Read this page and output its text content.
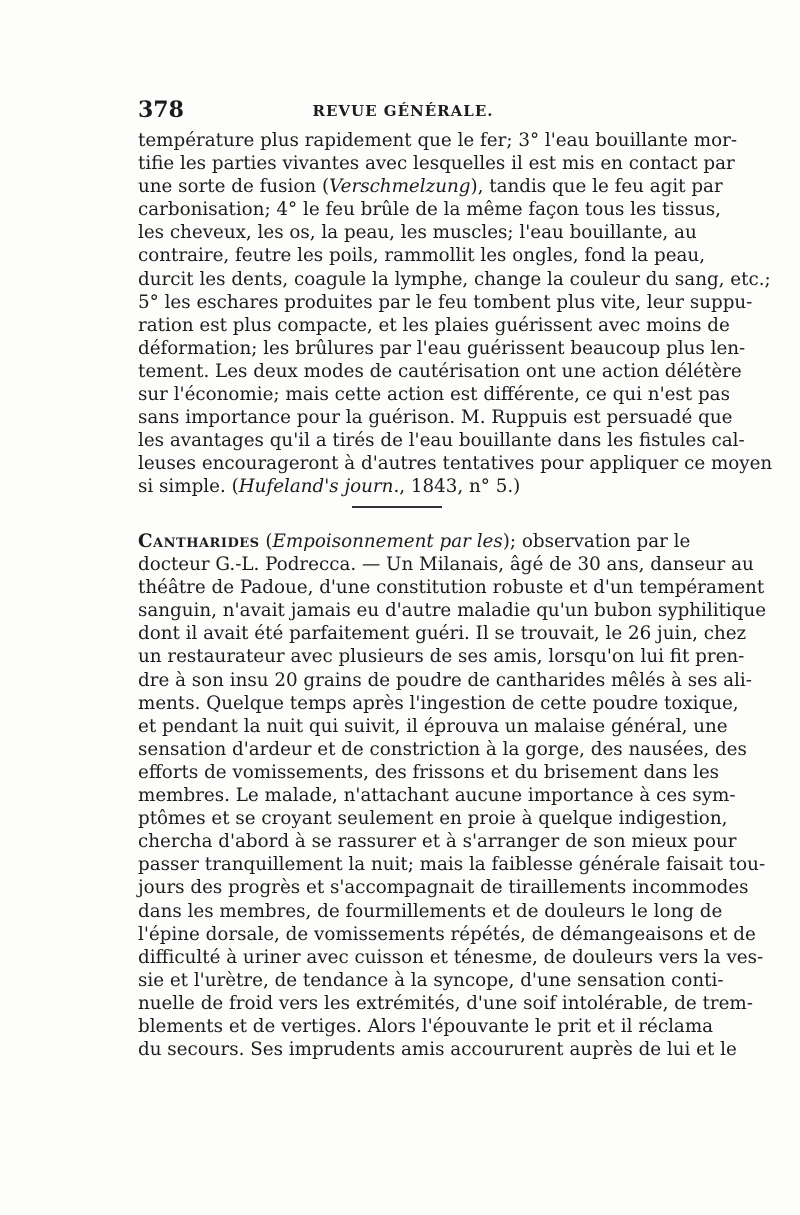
378	REVUE GÉNÉRALE.
température plus rapidement que le fer; 3° l'eau bouillante mor-
tifie les parties vivantes avec lesquelles il est mis en contact par
une sorte de fusion (Verschmelzung), tandis que le feu agit par
carbonisation; 4° le feu brûle de la même façon tous les tissus,
les cheveux, les os, la peau, les muscles; l'eau bouillante, au
contraire, feutre les poils, rammollit les ongles, fond la peau,
durcit les dents, coagule la lymphe, change la couleur du sang, etc.;
5° les eschares produites par le feu tombent plus vite, leur suppu-
ration est plus compacte, et les plaies guérissent avec moins de
déformation; les brûlures par l'eau guérissent beaucoup plus len-
tement. Les deux modes de cautérisation ont une action délétère
sur l'économie; mais cette action est différente, ce qui n'est pas
sans importance pour la guérison. M. Ruppuis est persuadé que
les avantages qu'il a tirés de l'eau bouillante dans les fistules cal-
leuses encourageront à d'autres tentatives pour appliquer ce moyen
si simple. (Hufeland's journ., 1843, n° 5.)
Cantharides (Empoisonnement par les); observation par le
docteur G.-L. Podrecca. — Un Milanais, âgé de 30 ans, danseur au
théâtre de Padoue, d'une constitution robuste et d'un tempérament
sanguin, n'avait jamais eu d'autre maladie qu'un bubon syphilitique
dont il avait été parfaitement guéri. Il se trouvait, le 26 juin, chez
un restaurateur avec plusieurs de ses amis, lorsqu'on lui fit pren-
dre à son insu 20 grains de poudre de cantharides mêlés à ses ali-
ments. Quelque temps après l'ingestion de cette poudre toxique,
et pendant la nuit qui suivit, il éprouva un malaise général, une
sensation d'ardeur et de constriction à la gorge, des nausées, des
efforts de vomissements, des frissons et du brisement dans les
membres. Le malade, n'attachant aucune importance à ces sym-
ptômes et se croyant seulement en proie à quelque indigestion,
chercha d'abord à se rassurer et à s'arranger de son mieux pour
passer tranquillement la nuit; mais la faiblesse générale faisait tou-
jours des progrès et s'accompagnait de tiraillements incommodes
dans les membres, de fourmillements et de douleurs le long de
l'épine dorsale, de vomissements répétés, de démangeaisons et de
difficulté à uriner avec cuisson et ténesme, de douleurs vers la ves-
sie et l'urètre, de tendance à la syncope, d'une sensation conti-
nuelle de froid vers les extrémités, d'une soif intolérable, de trem-
blements et de vertiges. Alors l'épouvante le prit et il réclama
du secours. Ses imprudents amis accoururent auprès de lui et le
